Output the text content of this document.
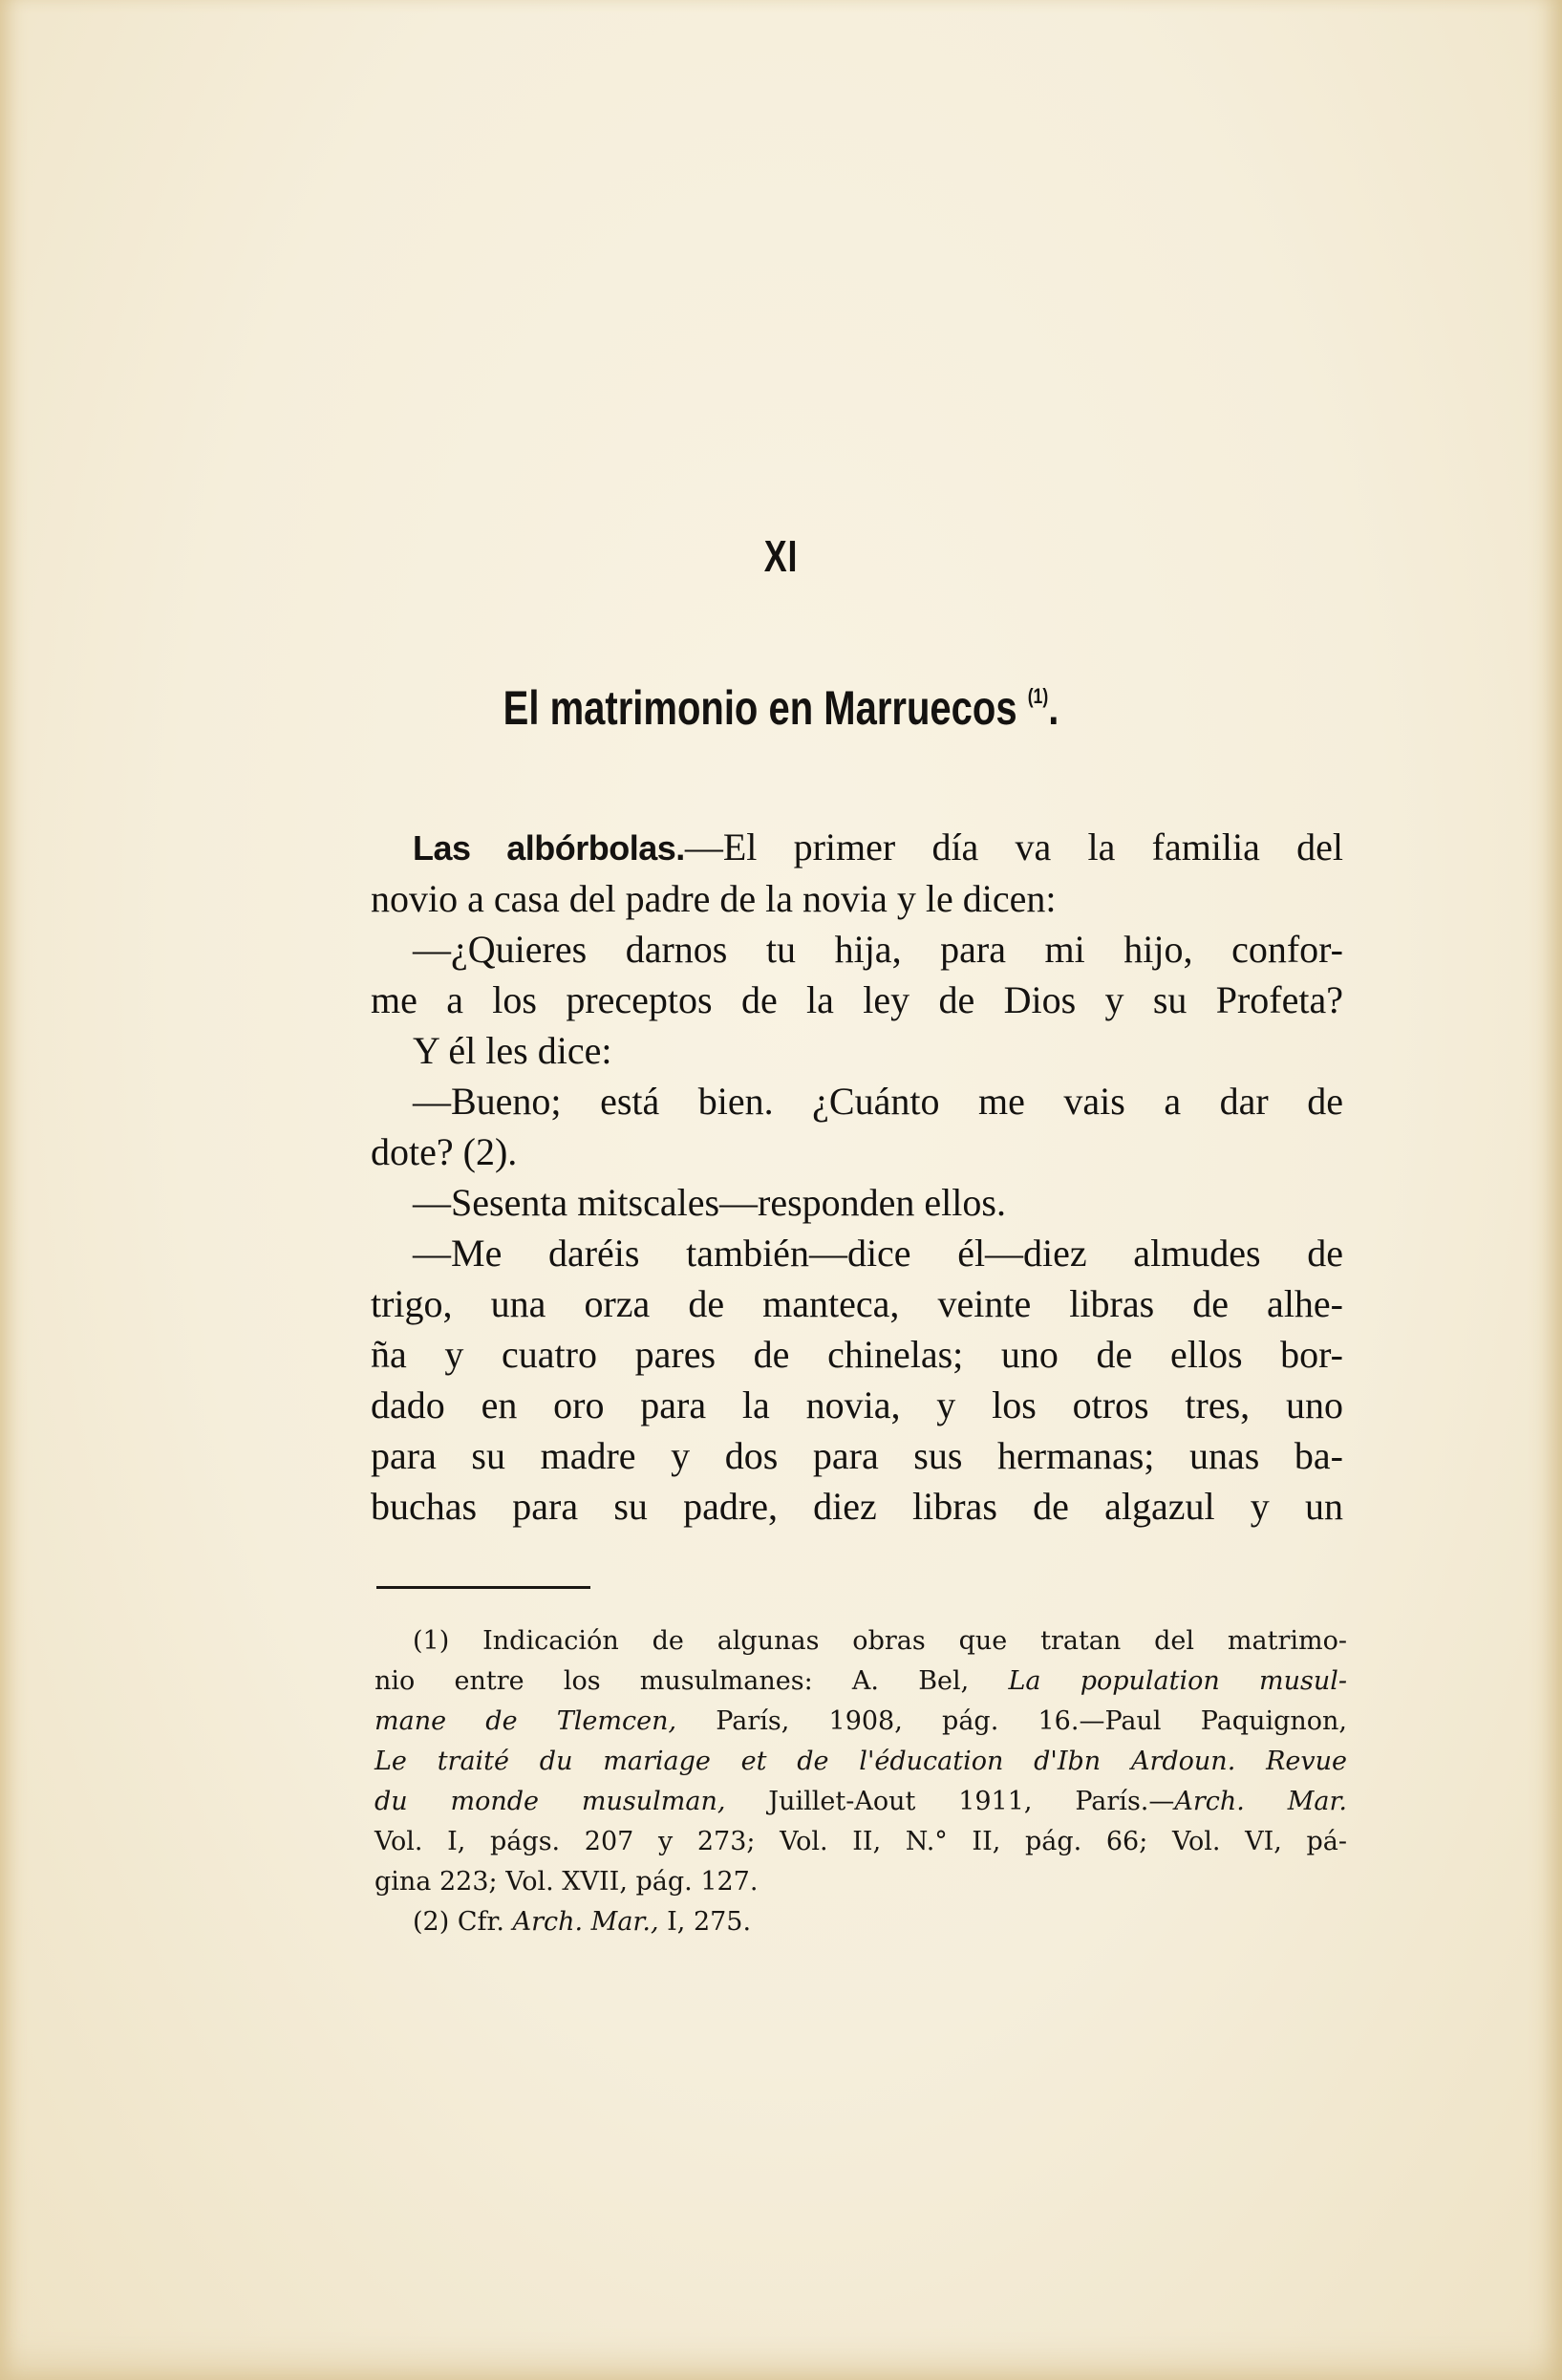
XI
El matrimonio en Marruecos $^{(1)}$.
Las albórbolas.—El primer día va la familia del
novio a casa del padre de la novia y le dicen:
—¿Quieres darnos tu hija, para mi hijo, confor-
me a los preceptos de la ley de Dios y su Profeta?
Y él les dice:
—Bueno; está bien. ¿Cuánto me vais a dar de
dote? (2).
—Sesenta mitscales—responden ellos.
—Me daréis también—dice él—diez almudes de
trigo, una orza de manteca, veinte libras de alhe-
ña y cuatro pares de chinelas; uno de ellos bor-
dado en oro para la novia, y los otros tres, uno
para su madre y dos para sus hermanas; unas ba-
buchas para su padre, diez libras de algazul y un
(1) Indicación de algunas obras que tratan del matrimo-
nio entre los musulmanes: A. Bel, La population musul-
mane de Tlemcen, París, 1908, pág. 16.—Paul Paquignon,
Le traité du mariage et de l'éducation d'Ibn Ardoun. Revue
du monde musulman, Juillet-Aout 1911, París.—Arch. Mar.
Vol. I, págs. 207 y 273; Vol. II, N.° II, pág. 66; Vol. VI, pá-
gina 223; Vol. XVII, pág. 127.
(2) Cfr. Arch. Mar., I, 275.
